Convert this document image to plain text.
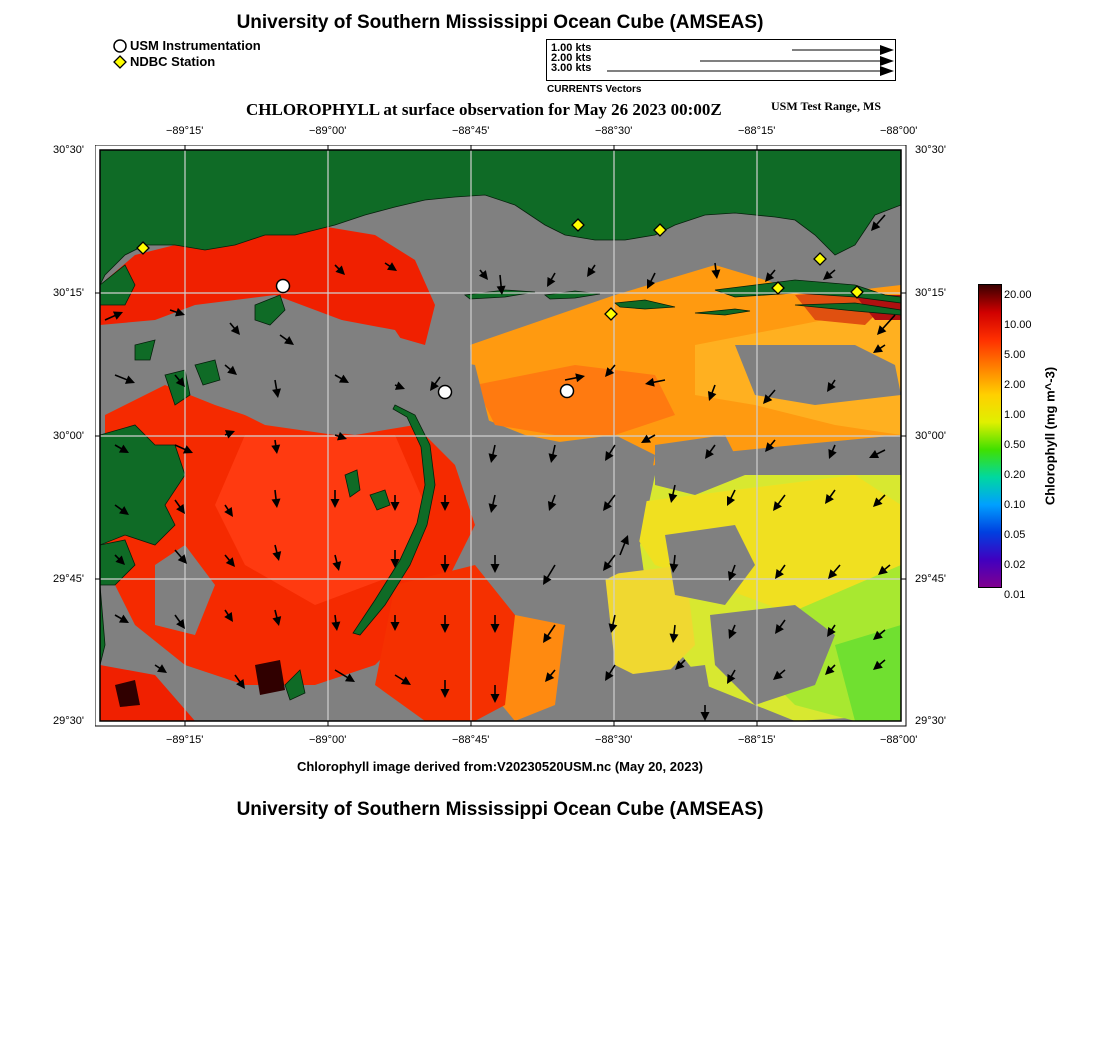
University of Southern Mississippi Ocean Cube (AMSEAS)
USM Instrumentation
NDBC Station
1.00 kts
2.00 kts
3.00 kts
CURRENTS Vectors
CHLOROPHYLL at surface observation for May 26 2023 00:00Z	USM Test Range, MS
−89°15'	−89°00'	−88°45'	−88°30'	−88°15'	−88°00'
−89°15'	−89°00'	−88°45'	−88°30'	−88°15'	−88°00'
30°30'
30°15'
30°00'
29°45'
29°30'
30°30'
30°15'
30°00'
29°45'
29°30'
20.00
10.00
5.00
2.00
1.00
0.50
0.20
0.10
0.05
0.02
0.01
Chlorophyll (mg m^-3)
Chlorophyll image derived from:V20230520USM.nc (May 20, 2023)
University of Southern Mississippi Ocean Cube (AMSEAS)
